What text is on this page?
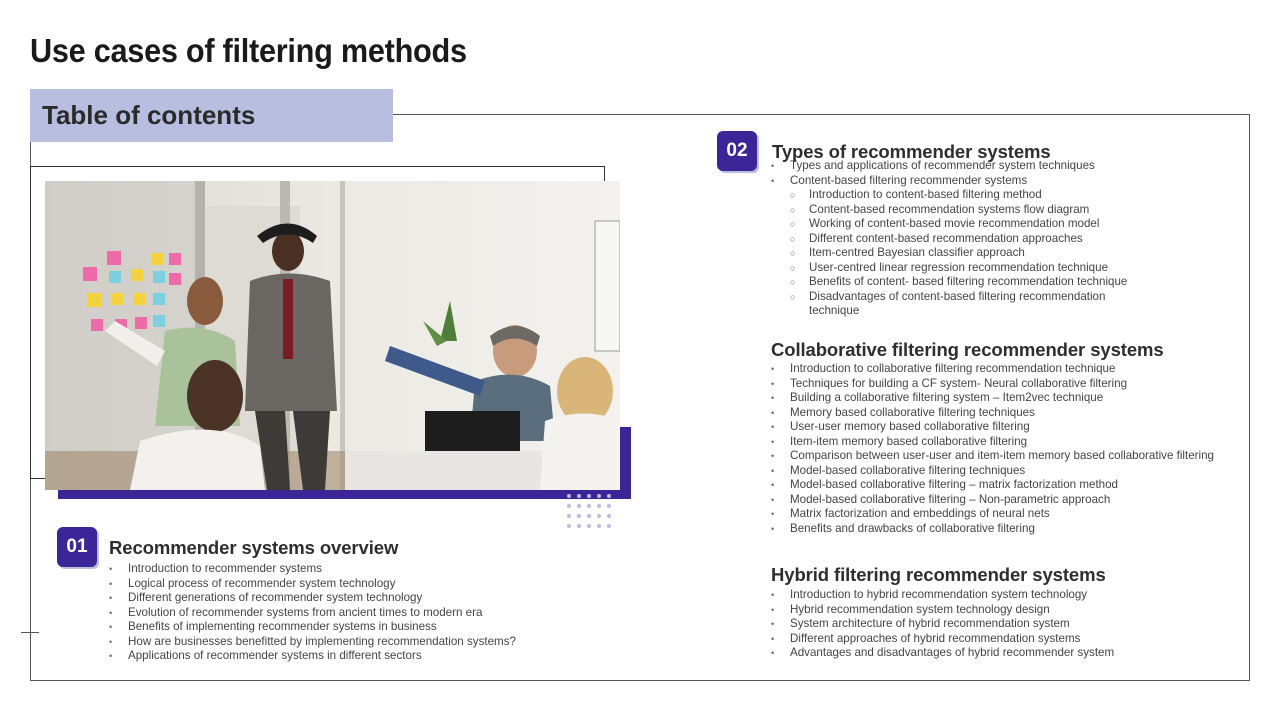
Table of contents
Use cases of filtering methods
01	Recommender systems overview
• Introduction to recommender systems
• Logical process of recommender system technology
• Different generations of recommender system technology
• Evolution of recommender systems from ancient times to modern era
• Benefits of implementing recommender systems in business
• How are businesses benefitted by implementing recommendation systems?
• Applications of recommender systems in different sectors
02	Types of recommender systems
• Types and applications of recommender system techniques
• Content-based filtering recommender systems
○ Introduction to content-based filtering method
○ Content-based recommendation systems flow diagram
○ Working of content-based movie recommendation model
○ Different content-based recommendation approaches
○ Item-centred Bayesian classifier approach
○ User-centred linear regression recommendation technique
○ Benefits of content- based filtering recommendation technique
○ Disadvantages of content-based filtering recommendation technique
Collaborative filtering recommender systems
• Introduction to collaborative filtering recommendation technique
• Techniques for building a CF system- Neural collaborative filtering
• Building a collaborative filtering system – Item2vec technique
• Memory based collaborative filtering techniques
• User-user memory based collaborative filtering
• Item-item memory based collaborative filtering
• Comparison between user-user and item-item memory based collaborative filtering
• Model-based collaborative filtering techniques
• Model-based collaborative filtering – matrix factorization method
• Model-based collaborative filtering – Non-parametric approach
• Matrix factorization and embeddings of neural nets
• Benefits and drawbacks of collaborative filtering
Hybrid filtering recommender systems
• Introduction to hybrid recommendation system technology
• Hybrid recommendation system technology design
• System architecture of hybrid recommendation system
• Different approaches of hybrid recommendation systems
• Advantages and disadvantages of hybrid recommender system
